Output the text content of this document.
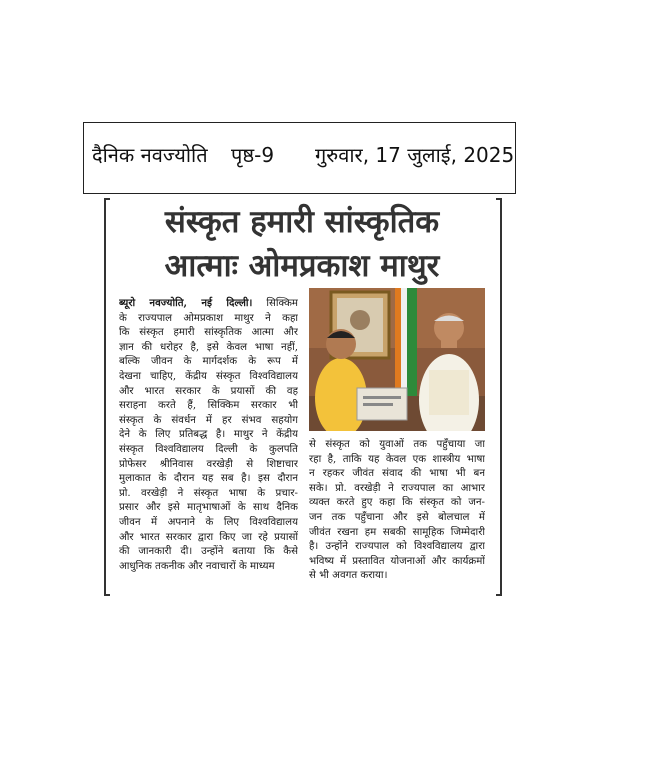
दैनिक नवज्योति पृष्ठ-9 गुरुवार, 17 जुलाई, 2025
संस्कृत हमारी सांस्कृतिक
आत्माः ओमप्रकाश माथुर
ब्यूरो नवज्योति, नई दिल्ली। सिक्किम
के राज्यपाल ओमप्रकाश माथुर ने कहा
कि संस्कृत हमारी सांस्कृतिक आत्मा और
ज्ञान की धरोहर है, इसे केवल भाषा नहीं,
बल्कि जीवन के मार्गदर्शक के रूप में
देखना चाहिए, केंद्रीय संस्कृत विश्वविद्यालय
और भारत सरकार के प्रयासों की वह
सराहना करते हैं, सिक्किम सरकार भी
संस्कृत के संवर्धन में हर संभव सहयोग
देने के लिए प्रतिबद्ध है। माथुर ने केंद्रीय
संस्कृत विश्वविद्यालय दिल्ली के कुलपति
प्रोफेसर श्रीनिवास वरखेड़ी से शिष्टाचार
मुलाकात के दौरान यह सब है। इस दौरान
प्रो. वरखेड़ी ने संस्कृत भाषा के प्रचार-
प्रसार और इसे मातृभाषाओं के साथ दैनिक
जीवन में अपनाने के लिए विश्वविद्यालय
और भारत सरकार द्वारा किए जा रहे प्रयासों
की जानकारी दी। उन्होंने बताया कि कैसे
आधुनिक तकनीक और नवाचारों के माध्यम
से संस्कृत को युवाओं तक पहुँचाया जा
रहा है, ताकि यह केवल एक शास्त्रीय भाषा
न रहकर जीवंत संवाद की भाषा भी बन
सके। प्रो. वरखेड़ी ने राज्यपाल का आभार
व्यक्त करते हुए कहा कि संस्कृत को जन-
जन तक पहुँचाना और इसे बोलचाल में
जीवंत रखना हम सबकी सामूहिक जिम्मेदारी
है। उन्होंने राज्यपाल को विश्वविद्यालय द्वारा
भविष्य में प्रस्तावित योजनाओं और कार्यक्रमों
से भी अवगत कराया।
